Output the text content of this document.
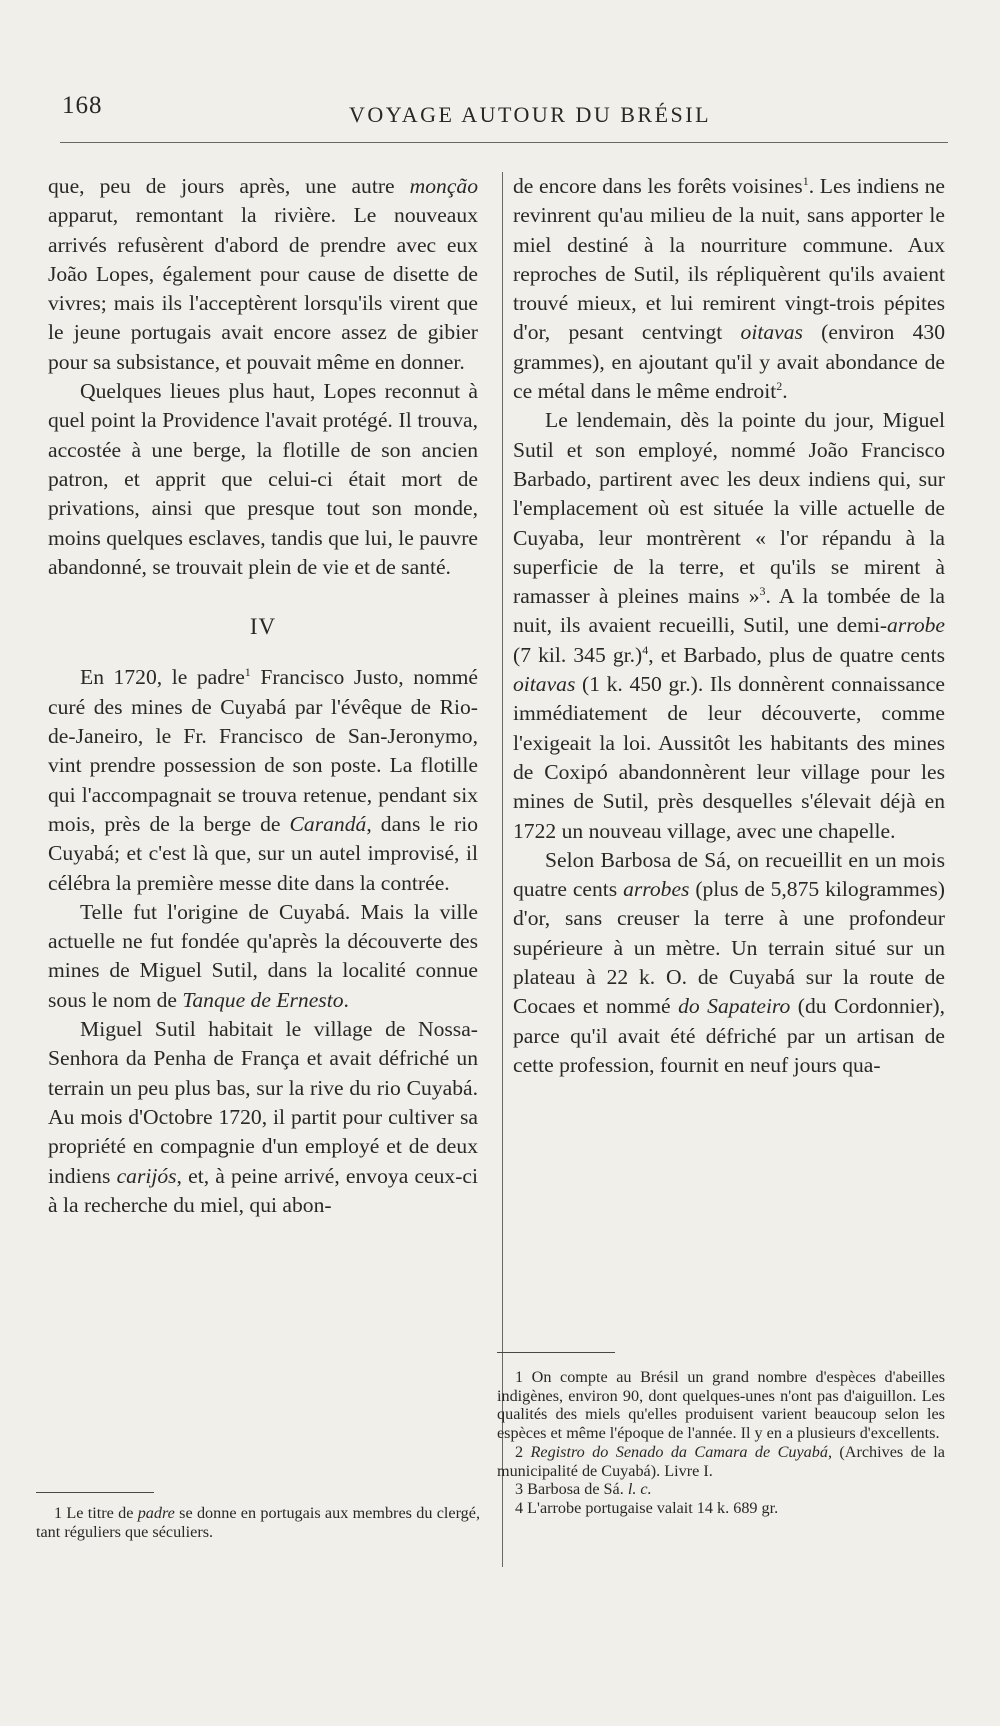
168	VOYAGE AUTOUR DU BRÉSIL

que, peu de jours après, une autre monção apparut, remontant la rivière. Le nouveaux arrivés refusèrent d'abord de prendre avec eux João Lopes, également pour cause de disette de vivres; mais ils l'acceptèrent lorsqu'ils virent que le jeune portugais avait encore assez de gibier pour sa subsistance, et pouvait même en donner.

Quelques lieues plus haut, Lopes reconnut à quel point la Providence l'avait protégé. Il trouva, accostée à une berge, la flotille de son ancien patron, et apprit que celui-ci était mort de privations, ainsi que presque tout son monde, moins quelques esclaves, tandis que lui, le pauvre abandonné, se trouvait plein de vie et de santé.

IV

En 1720, le padre$^1$ Francisco Justo, nommé curé des mines de Cuyabá par l'évêque de Rio-de-Janeiro, le Fr. Francisco de San-Jeronymo, vint prendre possession de son poste. La flotille qui l'accompagnait se trouva retenue, pendant six mois, près de la berge de Carandá, dans le rio Cuyabá; et c'est là que, sur un autel improvisé, il célébra la première messe dite dans la contrée.

Telle fut l'origine de Cuyabá. Mais la ville actuelle ne fut fondée qu'après la découverte des mines de Miguel Sutil, dans la localité connue sous le nom de Tanque de Ernesto.

Miguel Sutil habitait le village de Nossa-Senhora da Penha de França et avait défriché un terrain un peu plus bas, sur la rive du rio Cuyabá. Au mois d'Octobre 1720, il partit pour cultiver sa propriété en compagnie d'un employé et de deux indiens carijós, et, à peine arrivé, envoya ceux-ci à la recherche du miel, qui abon-

1 Le titre de padre se donne en portugais aux membres du clergé, tant réguliers que séculiers.

de encore dans les forêts voisines$^1$. Les indiens ne revinrent qu'au milieu de la nuit, sans apporter le miel destiné à la nourriture commune. Aux reproches de Sutil, ils répliquèrent qu'ils avaient trouvé mieux, et lui remirent vingt-trois pépites d'or, pesant centvingt oitavas (environ 430 grammes), en ajoutant qu'il y avait abondance de ce métal dans le même endroit$^2$.

Le lendemain, dès la pointe du jour, Miguel Sutil et son employé, nommé João Francisco Barbado, partirent avec les deux indiens qui, sur l'emplacement où est située la ville actuelle de Cuyaba, leur montrèrent « l'or répandu à la superficie de la terre, et qu'ils se mirent à ramasser à pleines mains »$^3$. A la tombée de la nuit, ils avaient recueilli, Sutil, une demi-arrobe (7 kil. 345 gr.)$^4$, et Barbado, plus de quatre cents oitavas (1 k. 450 gr.). Ils donnèrent connaissance immédiatement de leur découverte, comme l'exigeait la loi. Aussitôt les habitants des mines de Coxipó abandonnèrent leur village pour les mines de Sutil, près desquelles s'élevait déjà en 1722 un nouveau village, avec une chapelle.

Selon Barbosa de Sá, on recueillit en un mois quatre cents arrobes (plus de 5,875 kilogrammes) d'or, sans creuser la terre à une profondeur supérieure à un mètre. Un terrain situé sur un plateau à 22 k. O. de Cuyabá sur la route de Cocaes et nommé do Sapateiro (du Cordonnier), parce qu'il avait été défriché par un artisan de cette profession, fournit en neuf jours qua-

1 On compte au Brésil un grand nombre d'espèces d'abeilles indigènes, environ 90, dont quelques-unes n'ont pas d'aiguillon. Les qualités des miels qu'elles produisent varient beaucoup selon les espèces et même l'époque de l'année. Il y en a plusieurs d'excellents.

2 Registro do Senado da Camara de Cuyabá, (Archives de la municipalité de Cuyabá). Livre I.

3 Barbosa de Sá. l. c.

4 L'arrobe portugaise valait 14 k. 689 gr.
